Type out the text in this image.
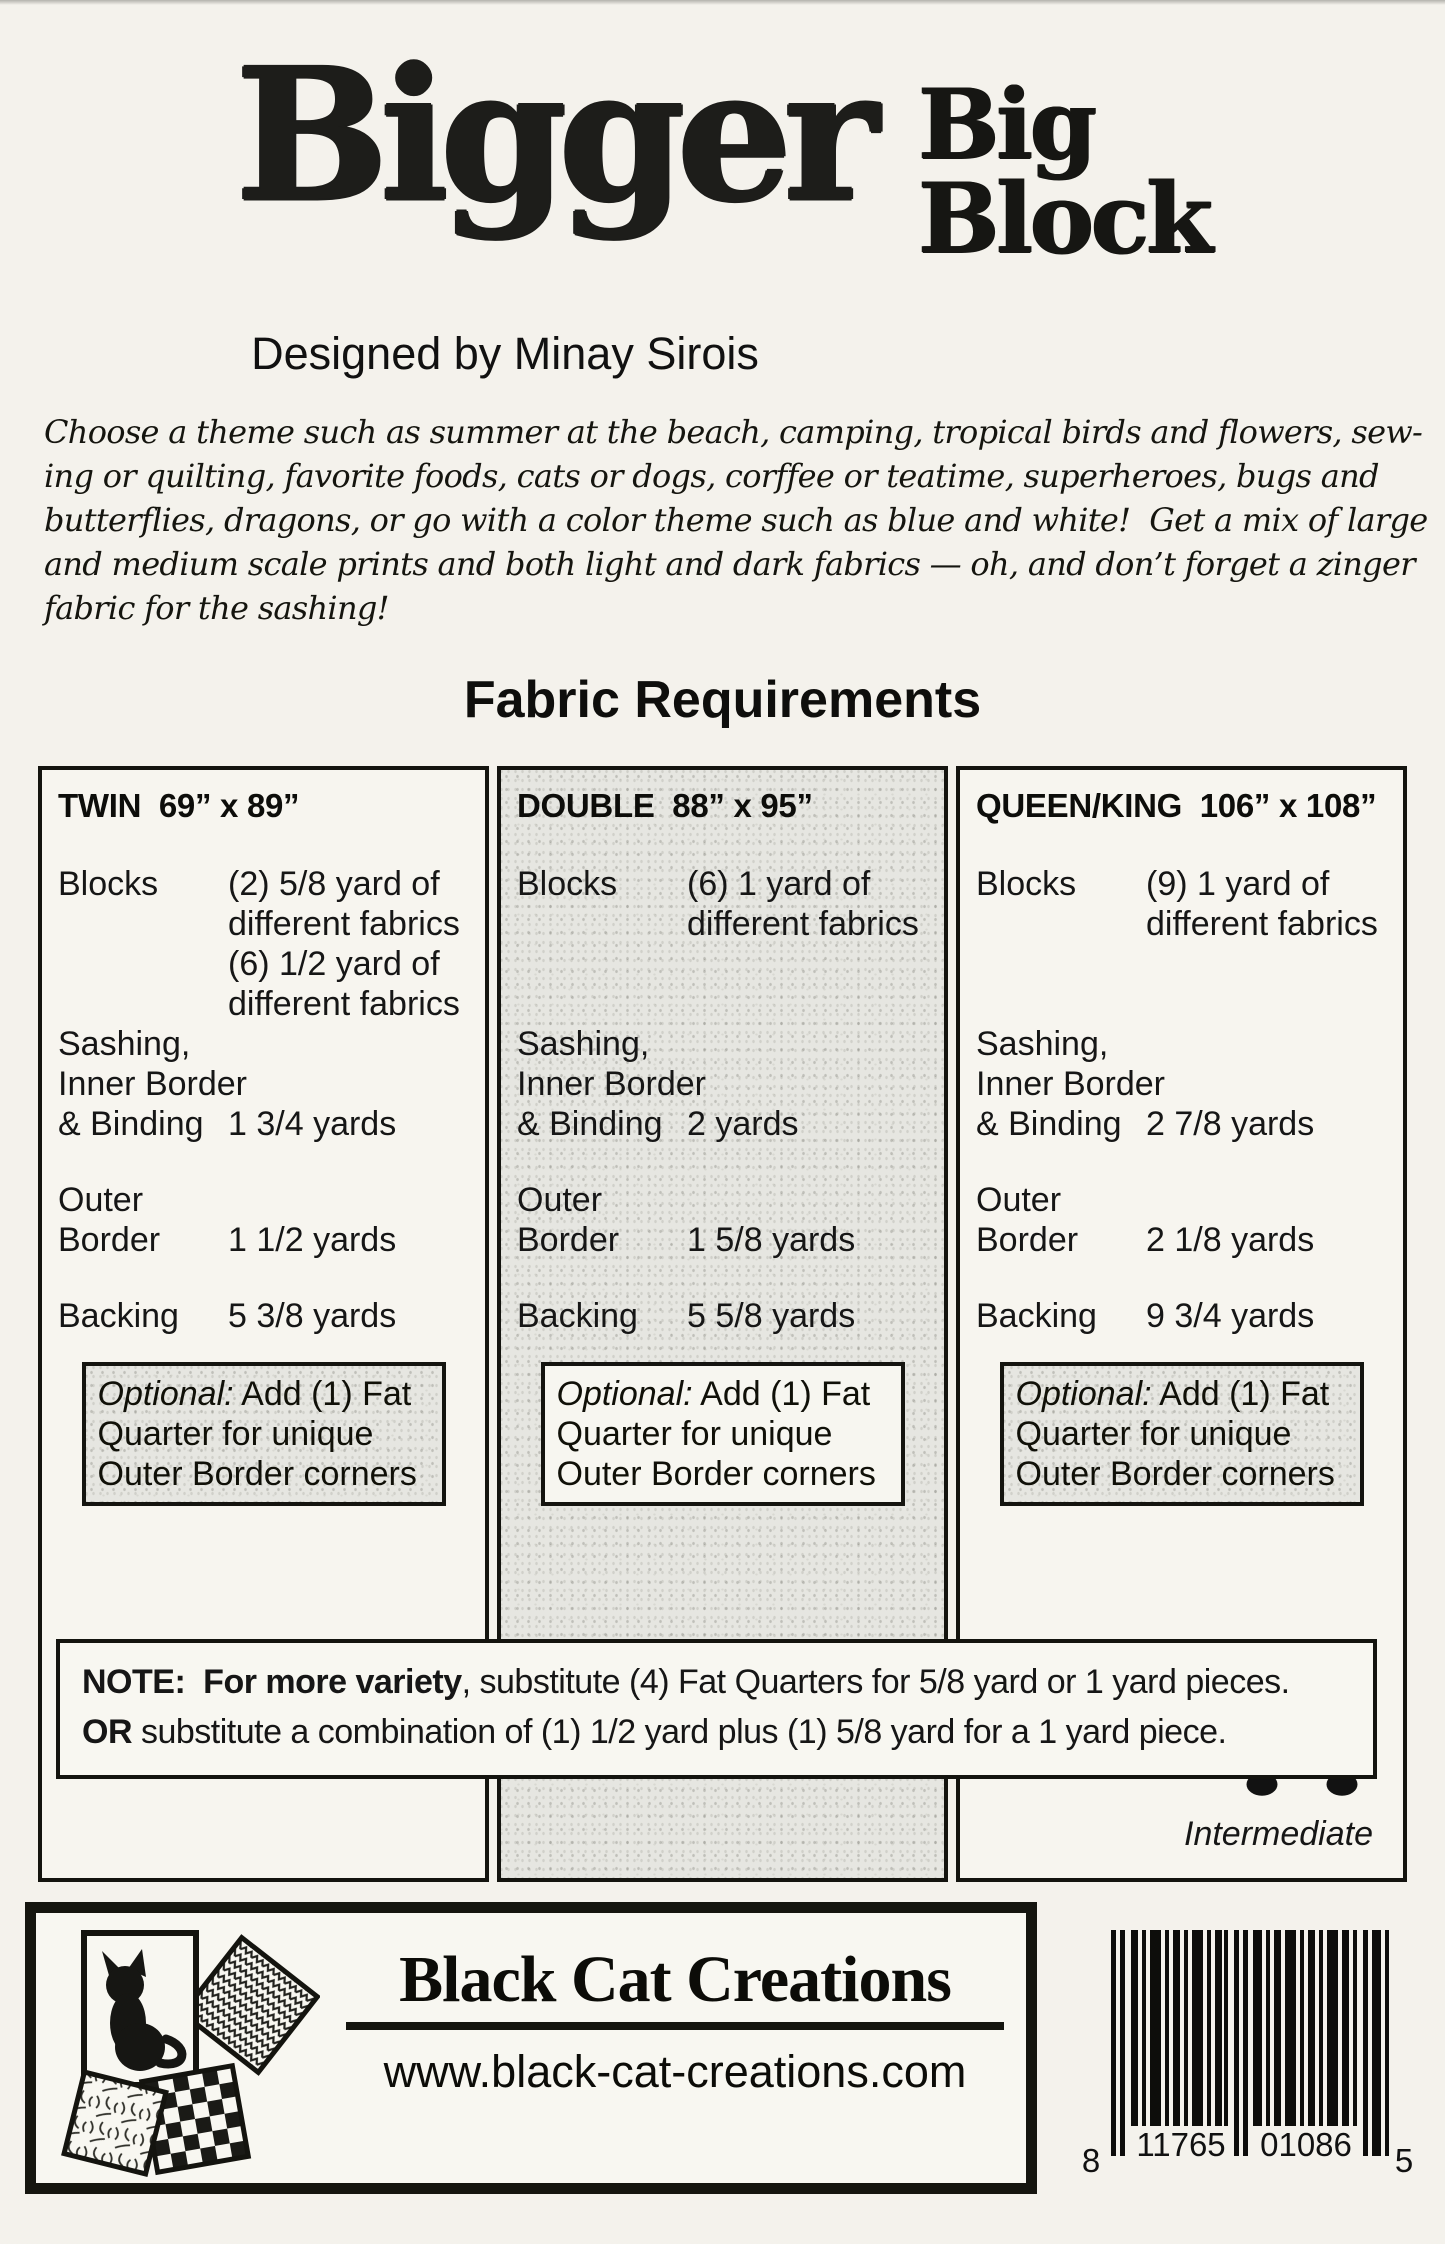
Bigger Big
Block
Designed by Minay Sirois
Choose a theme such as summer at the beach, camping, tropical birds and flowers, sew-
ing or quilting, favorite foods, cats or dogs, corffee or teatime, superheroes, bugs and
butterflies, dragons, or go with a color theme such as blue and white!  Get a mix of large
and medium scale prints and both light and dark fabrics — oh, and don’t forget a zinger
fabric for the sashing!
Fabric Requirements
TWIN  69” x 89”
Blocks	(2) 5/8 yard of
different fabrics
(6) 1/2 yard of
different fabrics
Sashing,
Inner Border
& Binding 1 3/4 yards
Outer
Border	1 1/2 yards
Backing	5 3/8 yards
Optional: Add (1) Fat Quarter for unique Outer Border corners
DOUBLE  88” x 95”
Blocks	(6) 1 yard of
different fabrics
Sashing,
Inner Border
& Binding 2 yards
Outer
Border	1 5/8 yards
Backing	5 5/8 yards
Optional: Add (1) Fat Quarter for unique Outer Border corners
QUEEN/KING  106” x 108”
Blocks	(9) 1 yard of
different fabrics
Sashing,
Inner Border
& Binding 2 7/8 yards
Outer
Border	2 1/8 yards
Backing	9 3/4 yards
Optional: Add (1) Fat Quarter for unique Outer Border corners
Intermediate
NOTE:  For more variety, substitute (4) Fat Quarters for 5/8 yard or 1 yard pieces.
OR substitute a combination of (1) 1/2 yard plus (1) 5/8 yard for a 1 yard piece.
Black Cat Creations
www.black-cat-creations.com
8 11765 01086 5
